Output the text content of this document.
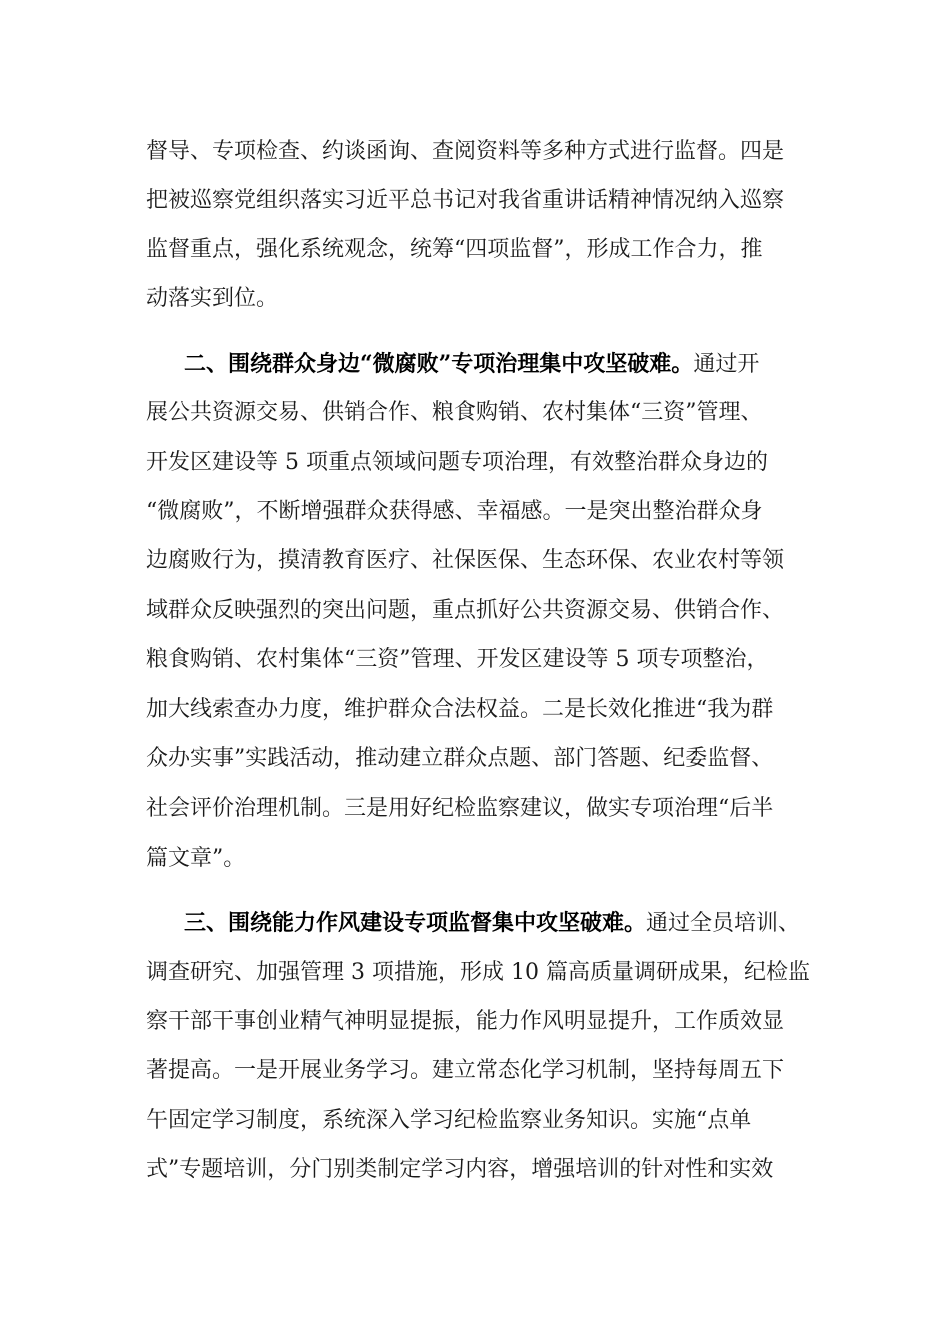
督导、专项检查、约谈函询、查阅资料等多种方式进行监督。四是
把被巡察党组织落实习近平总书记对我省重讲话精神情况纳入巡察
监督重点，强化系统观念，统筹“四项监督”，形成工作合力，推
动落实到位。
二、围绕群众身边“微腐败”专项治理集中攻坚破难。通过开
展公共资源交易、供销合作、粮食购销、农村集体“三资”管理、
开发区建设等 5 项重点领域问题专项治理，有效整治群众身边的
“微腐败”，不断增强群众获得感、幸福感。一是突出整治群众身
边腐败行为，摸清教育医疗、社保医保、生态环保、农业农村等领
域群众反映强烈的突出问题，重点抓好公共资源交易、供销合作、
粮食购销、农村集体“三资”管理、开发区建设等 5 项专项整治，
加大线索查办力度，维护群众合法权益。二是长效化推进“我为群
众办实事”实践活动，推动建立群众点题、部门答题、纪委监督、
社会评价治理机制。三是用好纪检监察建议，做实专项治理“后半
篇文章”。
三、围绕能力作风建设专项监督集中攻坚破难。通过全员培训、
调查研究、加强管理 3 项措施，形成 10 篇高质量调研成果，纪检监
察干部干事创业精气神明显提振，能力作风明显提升，工作质效显
著提高。一是开展业务学习。建立常态化学习机制，坚持每周五下
午固定学习制度，系统深入学习纪检监察业务知识。实施“点单
式”专题培训，分门别类制定学习内容，增强培训的针对性和实效
